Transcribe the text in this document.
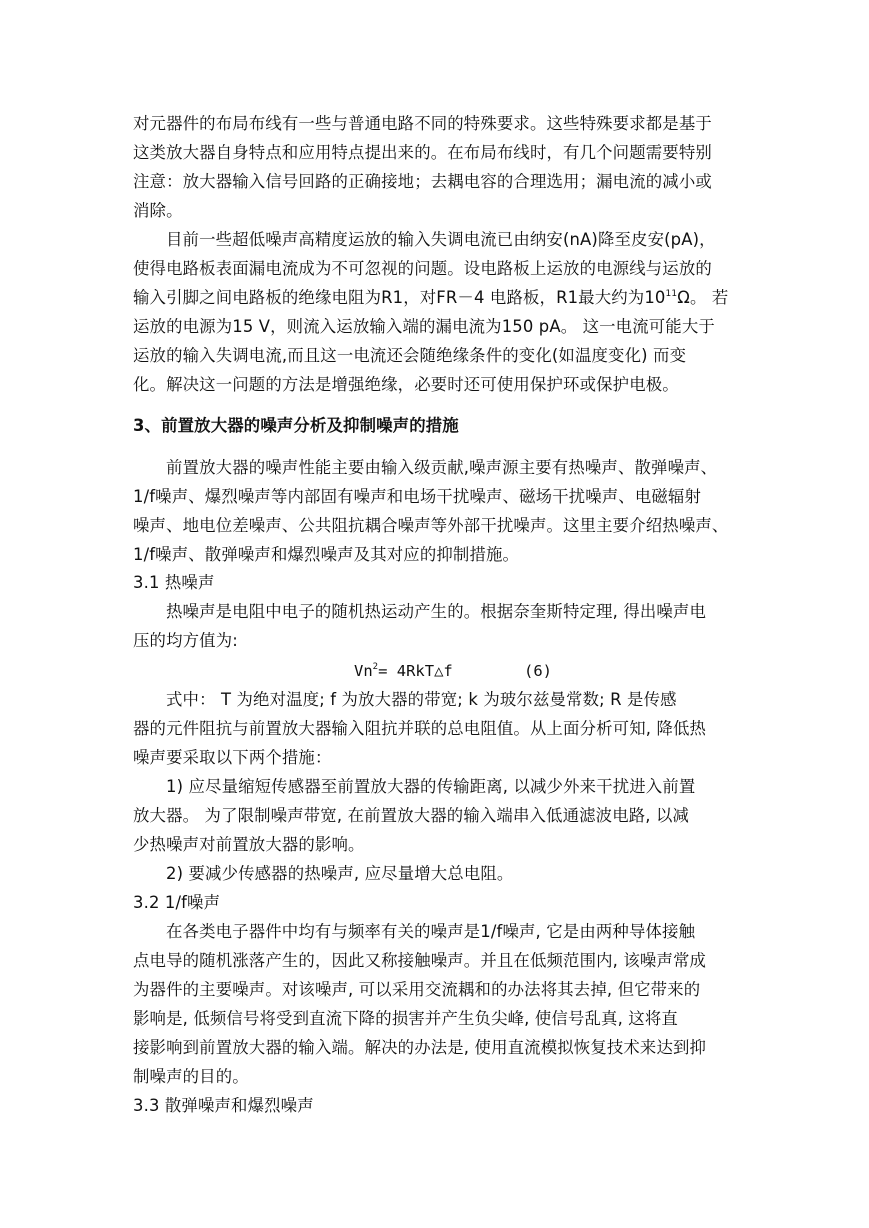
对元器件的布局布线有一些与普通电路不同的特殊要求。这些特殊要求都是基于
这类放大器自身特点和应用特点提出来的。在布局布线时，有几个问题需要特别
注意：放大器输入信号回路的正确接地；去耦电容的合理选用；漏电流的减小或
消除。
目前一些超低噪声高精度运放的输入失调电流已由纳安(nA)降至皮安(pA)，
使得电路板表面漏电流成为不可忽视的问题。设电路板上运放的电源线与运放的
输入引脚之间电路板的绝缘电阻为R1，对FR－4 电路板，R1最大约为$10^{11}\Omega$。 若
运放的电源为15 V，则流入运放输入端的漏电流为150 pA。 这一电流可能大于
运放的输入失调电流,而且这一电流还会随绝缘条件的变化(如温度变化) 而变
化。解决这一问题的方法是增强绝缘，必要时还可使用保护环或保护电极。
3、前置放大器的噪声分析及抑制噪声的措施
前置放大器的噪声性能主要由输入级贡献,噪声源主要有热噪声、散弹噪声、
1/f噪声、爆烈噪声等内部固有噪声和电场干扰噪声、磁场干扰噪声、电磁辐射
噪声、地电位差噪声、公共阻抗耦合噪声等外部干扰噪声。这里主要介绍热噪声、
1/f噪声、散弹噪声和爆烈噪声及其对应的抑制措施。
3.1 热噪声
热噪声是电阻中电子的随机热运动产生的。根据奈奎斯特定理, 得出噪声电
压的均方值为:
$Vn^2=$ 4RkT△f	(6)
式中： T 为绝对温度; f 为放大器的带宽; k 为玻尔兹曼常数; R 是传感
器的元件阻抗与前置放大器输入阻抗并联的总电阻值。从上面分析可知, 降低热
噪声要采取以下两个措施：
1) 应尽量缩短传感器至前置放大器的传输距离, 以减少外来干扰进入前置
放大器。 为了限制噪声带宽, 在前置放大器的输入端串入低通滤波电路, 以减
少热噪声对前置放大器的影响。
2) 要减少传感器的热噪声, 应尽量增大总电阻。
3.2 1/f噪声
在各类电子器件中均有与频率有关的噪声是1/f噪声, 它是由两种导体接触
点电导的随机涨落产生的，因此又称接触噪声。并且在低频范围内, 该噪声常成
为器件的主要噪声。对该噪声, 可以采用交流耦和的办法将其去掉, 但它带来的
影响是, 低频信号将受到直流下降的损害并产生负尖峰, 使信号乱真, 这将直
接影响到前置放大器的输入端。解决的办法是, 使用直流模拟恢复技术来达到抑
制噪声的目的。
3.3 散弹噪声和爆烈噪声
